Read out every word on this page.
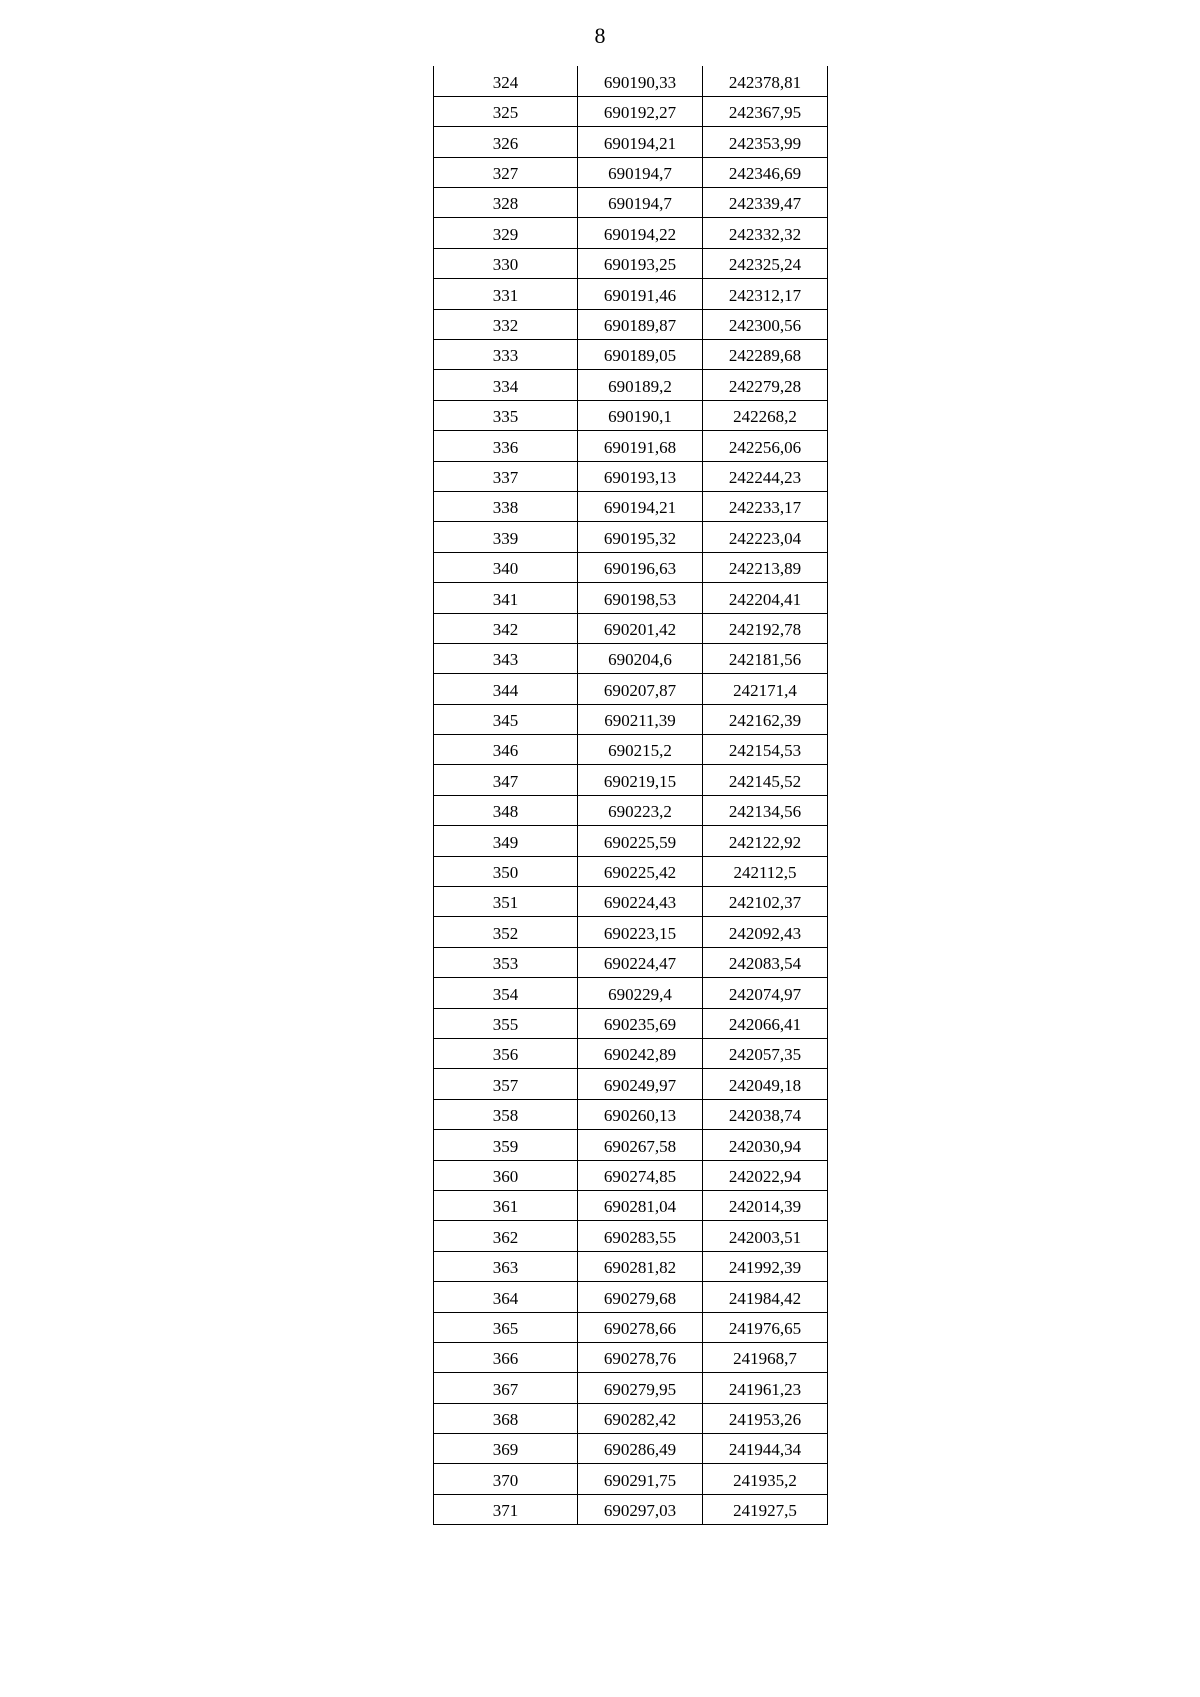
8
324	690190,33	242378,81
325	690192,27	242367,95
326	690194,21	242353,99
327	690194,7	242346,69
328	690194,7	242339,47
329	690194,22	242332,32
330	690193,25	242325,24
331	690191,46	242312,17
332	690189,87	242300,56
333	690189,05	242289,68
334	690189,2	242279,28
335	690190,1	242268,2
336	690191,68	242256,06
337	690193,13	242244,23
338	690194,21	242233,17
339	690195,32	242223,04
340	690196,63	242213,89
341	690198,53	242204,41
342	690201,42	242192,78
343	690204,6	242181,56
344	690207,87	242171,4
345	690211,39	242162,39
346	690215,2	242154,53
347	690219,15	242145,52
348	690223,2	242134,56
349	690225,59	242122,92
350	690225,42	242112,5
351	690224,43	242102,37
352	690223,15	242092,43
353	690224,47	242083,54
354	690229,4	242074,97
355	690235,69	242066,41
356	690242,89	242057,35
357	690249,97	242049,18
358	690260,13	242038,74
359	690267,58	242030,94
360	690274,85	242022,94
361	690281,04	242014,39
362	690283,55	242003,51
363	690281,82	241992,39
364	690279,68	241984,42
365	690278,66	241976,65
366	690278,76	241968,7
367	690279,95	241961,23
368	690282,42	241953,26
369	690286,49	241944,34
370	690291,75	241935,2
371	690297,03	241927,5
